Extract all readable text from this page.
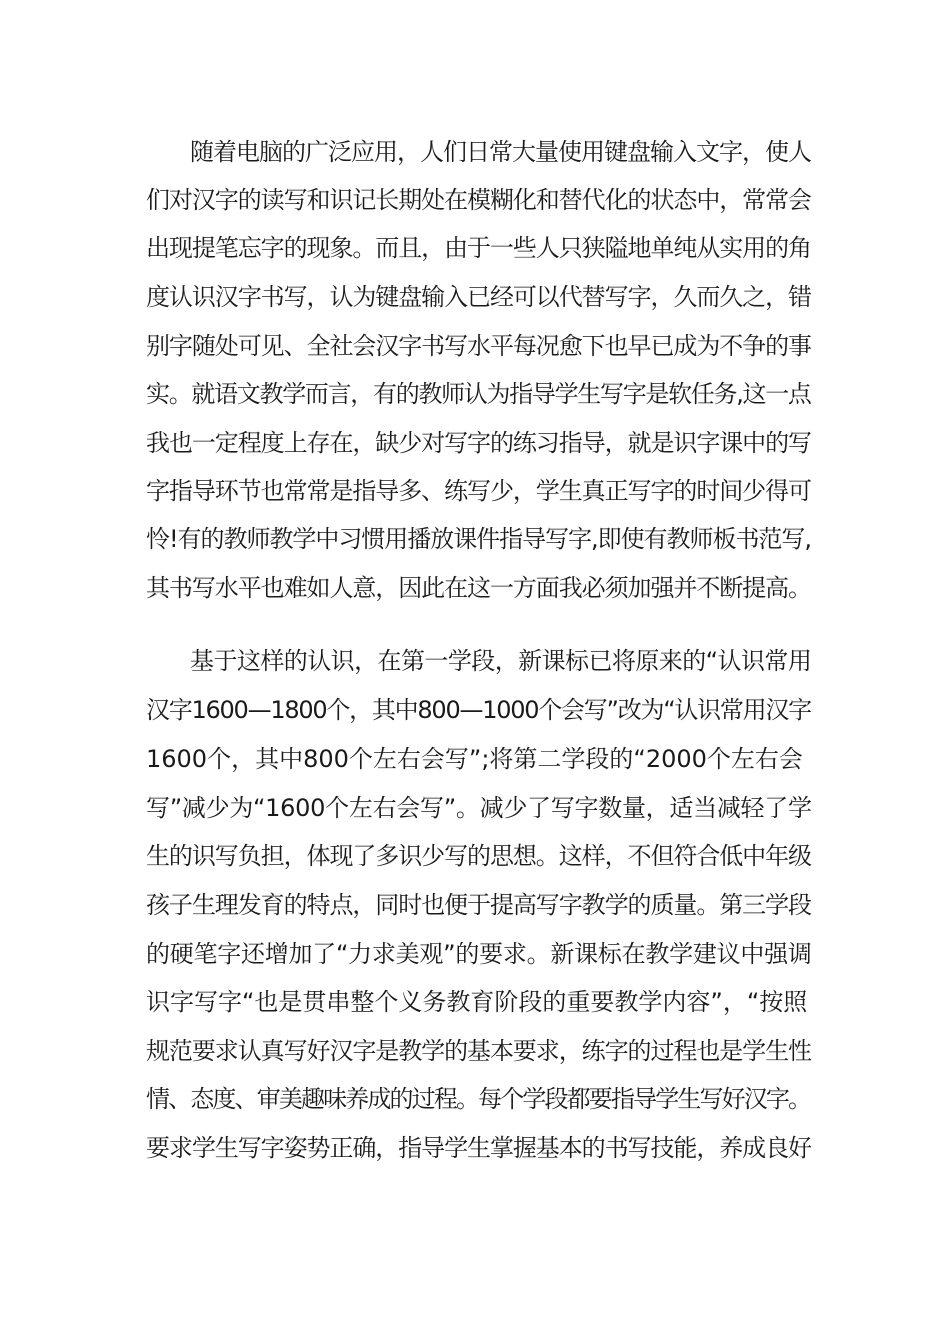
随着电脑的广泛应用，人们日常大量使用键盘输入文字，使人
们对汉字的读写和识记长期处在模糊化和替代化的状态中，常常会
出现提笔忘字的现象。而且，由于一些人只狭隘地单纯从实用的角
度认识汉字书写，认为键盘输入已经可以代替写字，久而久之，错
别字随处可见、全社会汉字书写水平每况愈下也早已成为不争的事
实。就语文教学而言，有的教师认为指导学生写字是软任务,这一点
我也一定程度上存在，缺少对写字的练习指导，就是识字课中的写
字指导环节也常常是指导多、练写少，学生真正写字的时间少得可
怜!有的教师教学中习惯用播放课件指导写字,即使有教师板书范写,
其书写水平也难如人意，因此在这一方面我必须加强并不断提高。
基于这样的认识，在第一学段，新课标已将原来的“认识常用
汉字1600—1800个，其中800—1000个会写”改为“认识常用汉字
1600个，其中800个左右会写”;将第二学段的“2000个左右会
写”减少为“1600个左右会写”。减少了写字数量，适当减轻了学
生的识写负担，体现了多识少写的思想。这样，不但符合低中年级
孩子生理发育的特点，同时也便于提高写字教学的质量。第三学段
的硬笔字还增加了“力求美观”的要求。新课标在教学建议中强调
识字写字“也是贯串整个义务教育阶段的重要教学内容”，“按照
规范要求认真写好汉字是教学的基本要求，练字的过程也是学生性
情、态度、审美趣味养成的过程。每个学段都要指导学生写好汉字。
要求学生写字姿势正确，指导学生掌握基本的书写技能，养成良好
